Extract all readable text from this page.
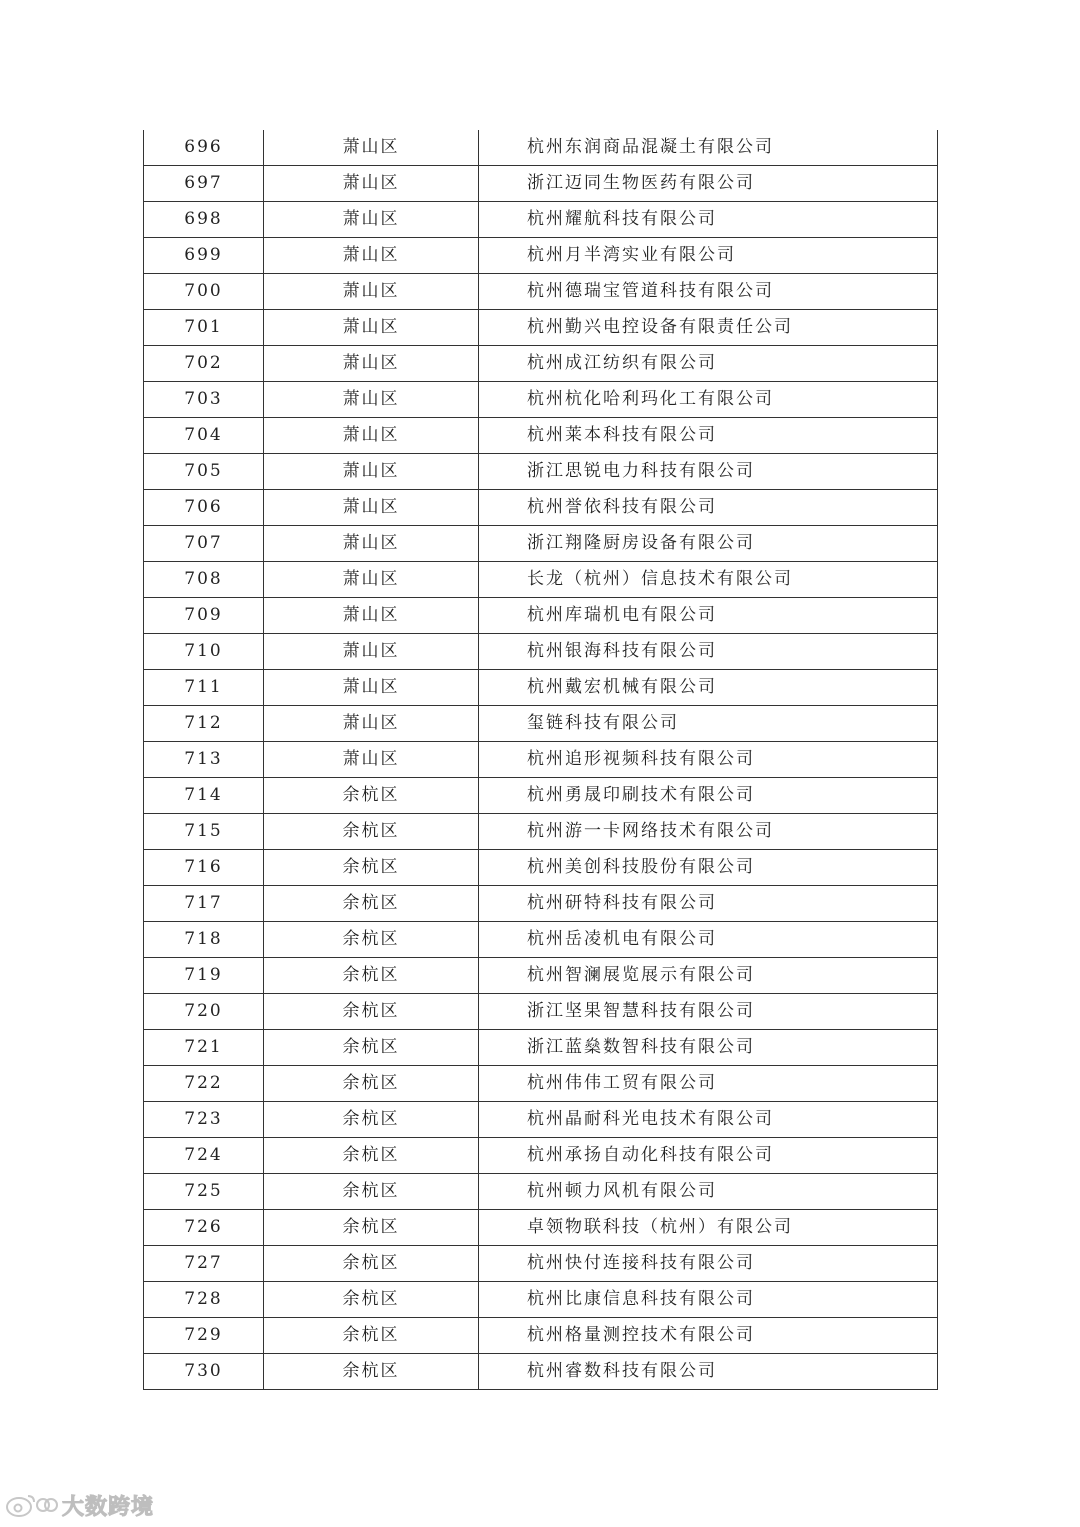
696	萧山区	杭州东润商品混凝土有限公司
697	萧山区	浙江迈同生物医药有限公司
698	萧山区	杭州耀航科技有限公司
699	萧山区	杭州月半湾实业有限公司
700	萧山区	杭州德瑞宝管道科技有限公司
701	萧山区	杭州勤兴电控设备有限责任公司
702	萧山区	杭州成江纺织有限公司
703	萧山区	杭州杭化哈利玛化工有限公司
704	萧山区	杭州莱本科技有限公司
705	萧山区	浙江思锐电力科技有限公司
706	萧山区	杭州誉依科技有限公司
707	萧山区	浙江翔隆厨房设备有限公司
708	萧山区	长龙（杭州）信息技术有限公司
709	萧山区	杭州库瑞机电有限公司
710	萧山区	杭州银海科技有限公司
711	萧山区	杭州戴宏机械有限公司
712	萧山区	玺链科技有限公司
713	萧山区	杭州追形视频科技有限公司
714	余杭区	杭州勇晟印刷技术有限公司
715	余杭区	杭州游一卡网络技术有限公司
716	余杭区	杭州美创科技股份有限公司
717	余杭区	杭州研特科技有限公司
718	余杭区	杭州岳凌机电有限公司
719	余杭区	杭州智澜展览展示有限公司
720	余杭区	浙江坚果智慧科技有限公司
721	余杭区	浙江蓝燊数智科技有限公司
722	余杭区	杭州伟伟工贸有限公司
723	余杭区	杭州晶耐科光电技术有限公司
724	余杭区	杭州承扬自动化科技有限公司
725	余杭区	杭州顿力风机有限公司
726	余杭区	卓领物联科技（杭州）有限公司
727	余杭区	杭州快付连接科技有限公司
728	余杭区	杭州比康信息科技有限公司
729	余杭区	杭州格量测控技术有限公司
730	余杭区	杭州睿数科技有限公司
大数跨境
